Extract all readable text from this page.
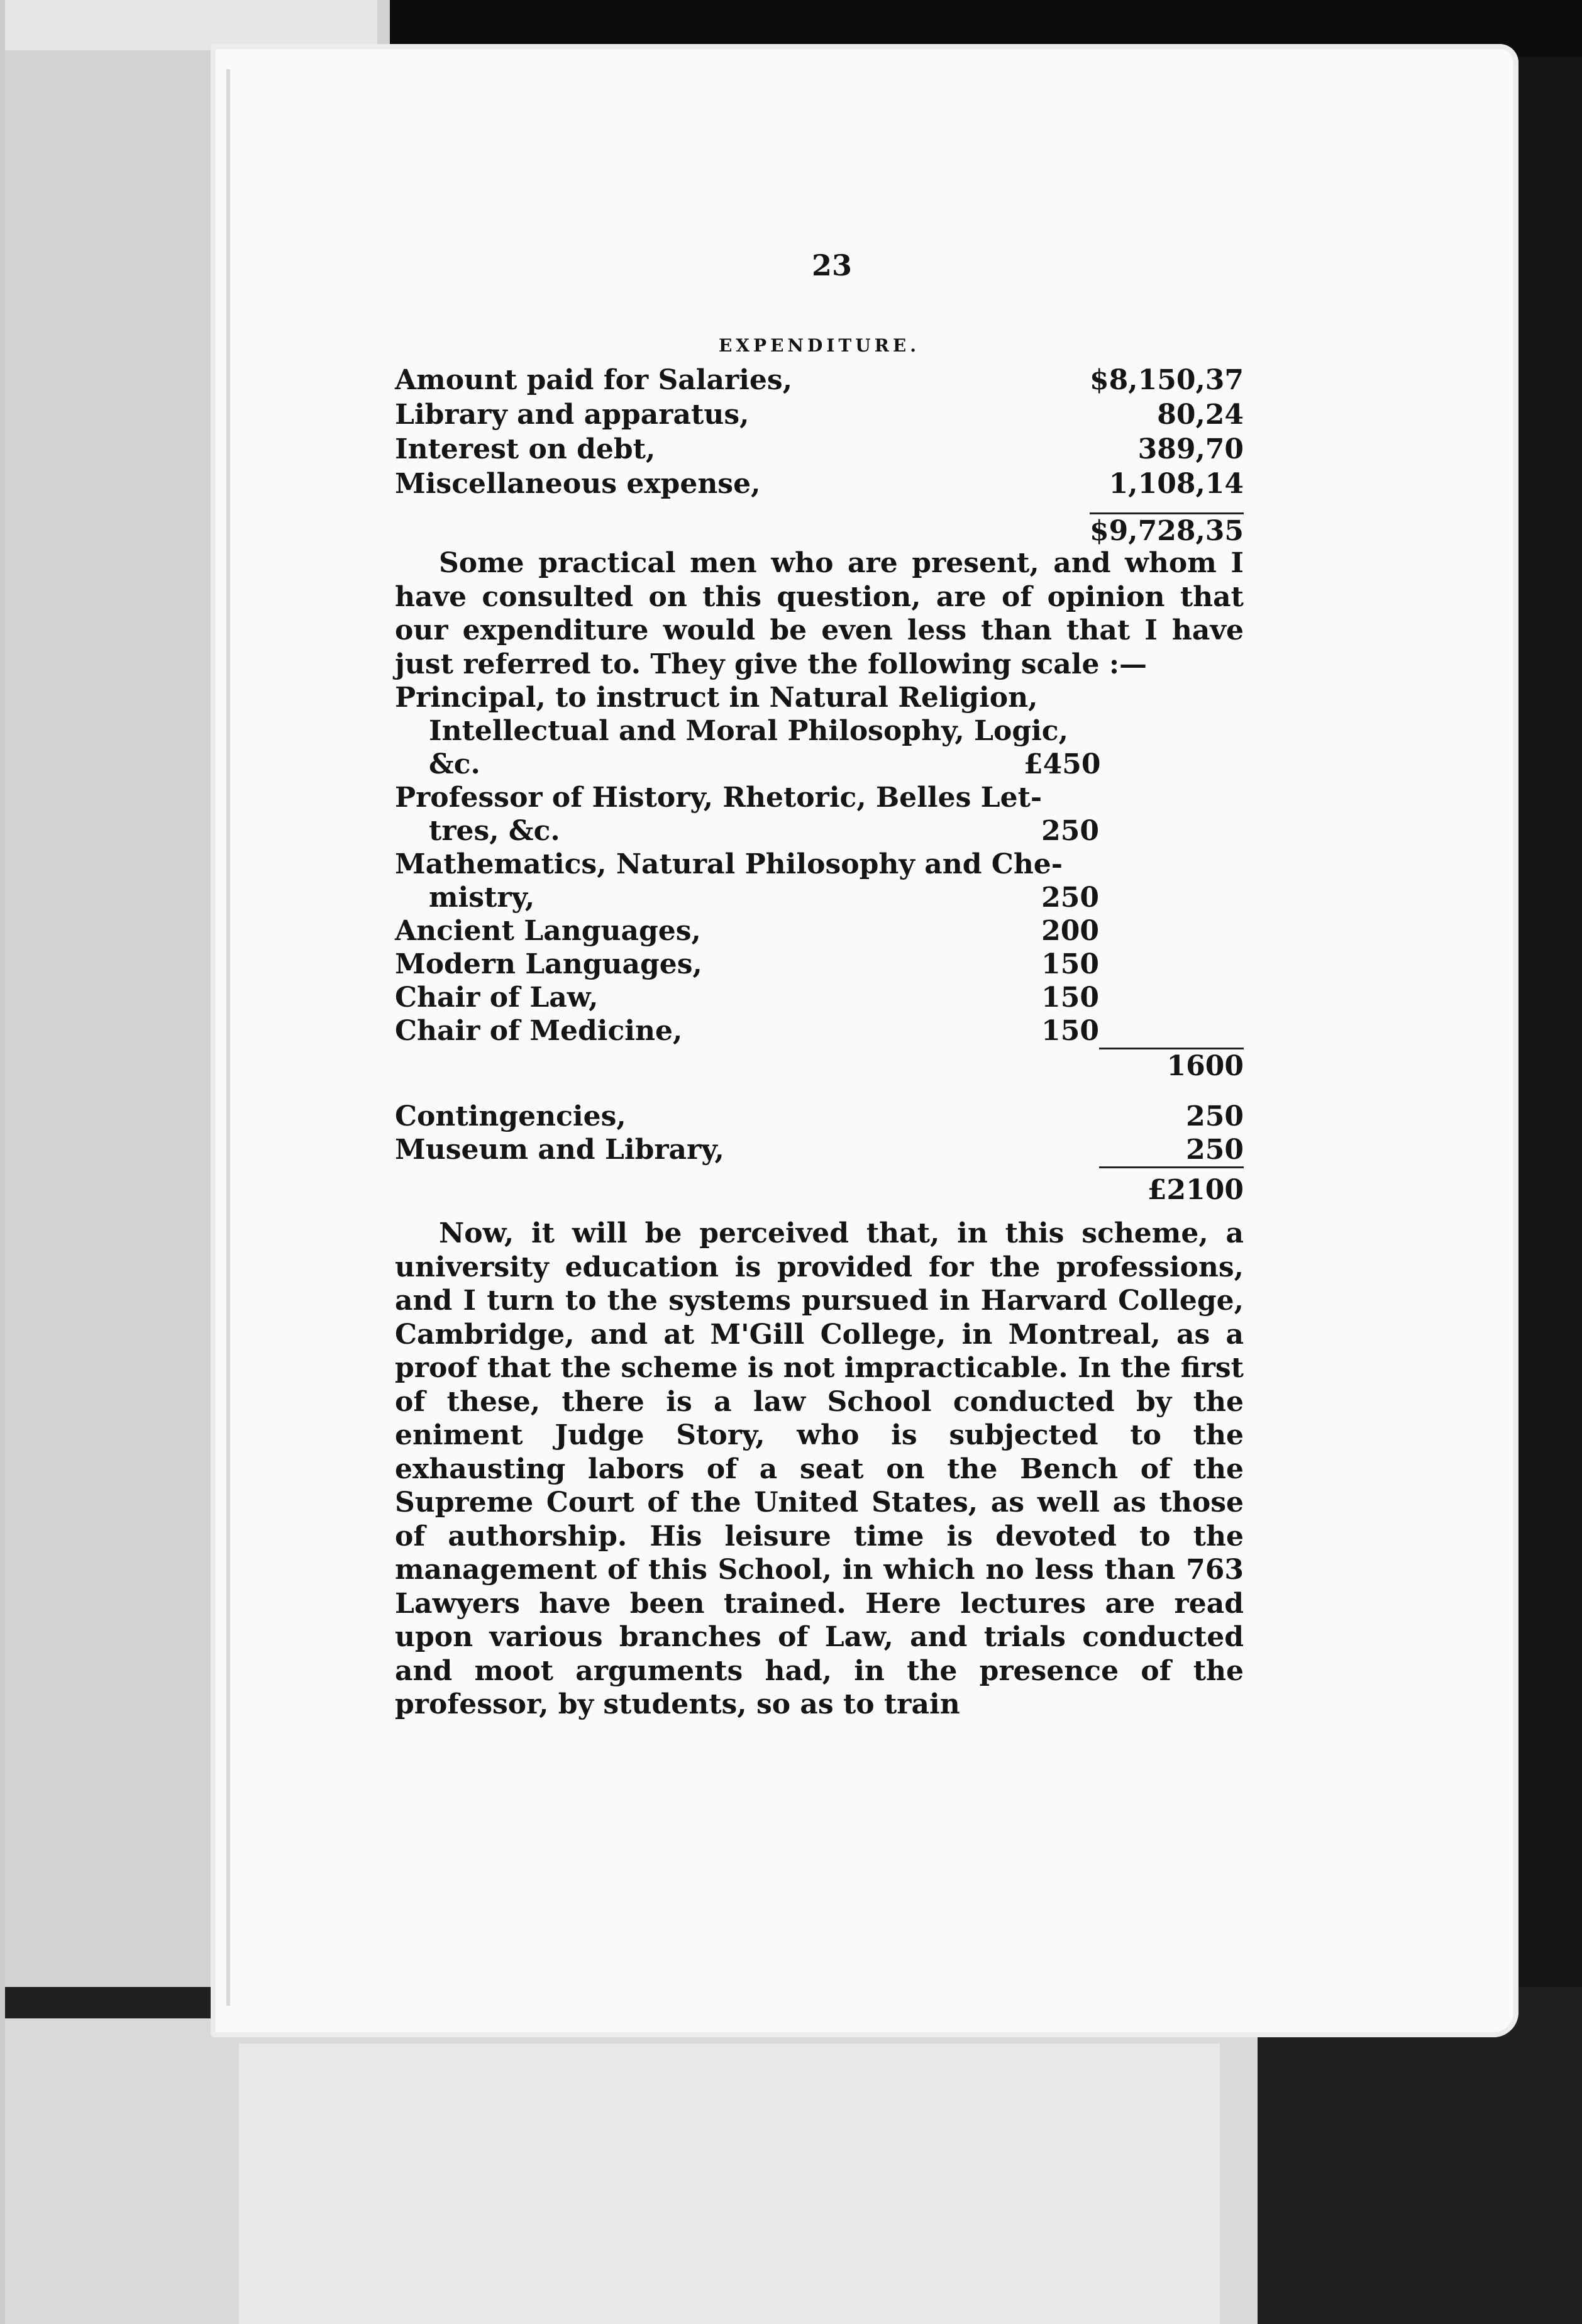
23
EXPENDITURE.
Amount paid for Salaries,	$8,150,37
Library and apparatus,	80,24
Interest on debt,	389,70
Miscellaneous expense,	1,108,14
$9,728,35

Some practical men who are present, and whom I have consulted on this question, are of opinion that our expenditure would be even less than that I have just referred to. They give the following scale :—

Principal, to instruct in Natural Religion,
Intellectual and Moral Philosophy, Logic,
&c.	£450
Professor of History, Rhetoric, Belles Let-
tres, &c.	250
Mathematics, Natural Philosophy and Che-
mistry,	250
Ancient Languages,	200
Modern Languages,	150
Chair of Law,	150
Chair of Medicine,	150
1600
Contingencies,	250
Museum and Library,	250
£2100

Now, it will be perceived that, in this scheme, a university education is provided for the professions, and I turn to the systems pursued in Harvard College, Cambridge, and at M'Gill College, in Montreal, as a proof that the scheme is not impracticable. In the first of these, there is a law School conducted by the eniment Judge Story, who is subjected to the exhausting labors of a seat on the Bench of the Supreme Court of the United States, as well as those of authorship. His leisure time is devoted to the management of this School, in which no less than 763 Lawyers have been trained. Here lectures are read upon various branches of Law, and trials conducted and moot arguments had, in the presence of the professor, by students, so as to train
